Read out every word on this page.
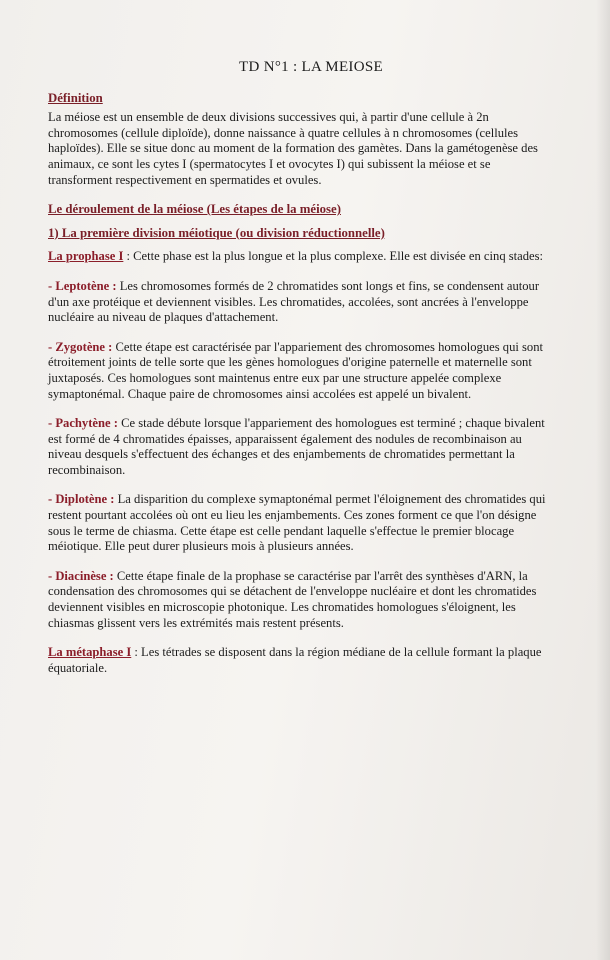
TD N°1 : LA MEIOSE
Définition

La méiose est un ensemble de deux divisions successives qui, à partir d'une cellule à 2n chromosomes (cellule diploïde), donne naissance à quatre cellules à n chromosomes (cellules haploïdes). Elle se situe donc au moment de la formation des gamètes. Dans la gamétogenèse des animaux, ce sont les cytes I (spermatocytes I et ovocytes I) qui subissent la méiose et se transforment respectivement en spermatides et ovules.

Le déroulement de la méiose (Les étapes de la méiose)
1) La première division méiotique (ou division réductionnelle)

La prophase I : Cette phase est la plus longue et la plus complexe. Elle est divisée en cinq stades:

- Leptotène : Les chromosomes formés de 2 chromatides sont longs et fins, se condensent autour d'un axe protéique et deviennent visibles. Les chromatides, accolées, sont ancrées à l'enveloppe nucléaire au niveau de plaques d'attachement.

- Zygotène : Cette étape est caractérisée par l'appariement des chromosomes homologues qui sont étroitement joints de telle sorte que les gènes homologues d'origine paternelle et maternelle sont juxtaposés. Ces homologues sont maintenus entre eux par une structure appelée complexe symaptonémal. Chaque paire de chromosomes ainsi accolées est appelé un bivalent.

- Pachytène : Ce stade débute lorsque l'appariement des homologues est terminé ; chaque bivalent est formé de 4 chromatides épaisses, apparaissent également des nodules de recombinaison au niveau desquels s'effectuent des échanges et des enjambements de chromatides permettant la recombinaison.

- Diplotène : La disparition du complexe symaptonémal permet l'éloignement des chromatides qui restent pourtant accolées où ont eu lieu les enjambements. Ces zones forment ce que l'on désigne sous le terme de chiasma. Cette étape est celle pendant laquelle s'effectue le premier blocage méiotique. Elle peut durer plusieurs mois à plusieurs années.

- Diacinèse : Cette étape finale de la prophase se caractérise par l'arrêt des synthèses d'ARN, la condensation des chromosomes qui se détachent de l'enveloppe nucléaire et dont les chromatides deviennent visibles en microscopie photonique. Les chromatides homologues s'éloignent, les chiasmas glissent vers les extrémités mais restent présents.

La métaphase I : Les tétrades se disposent dans la région médiane de la cellule formant la plaque équatoriale.
